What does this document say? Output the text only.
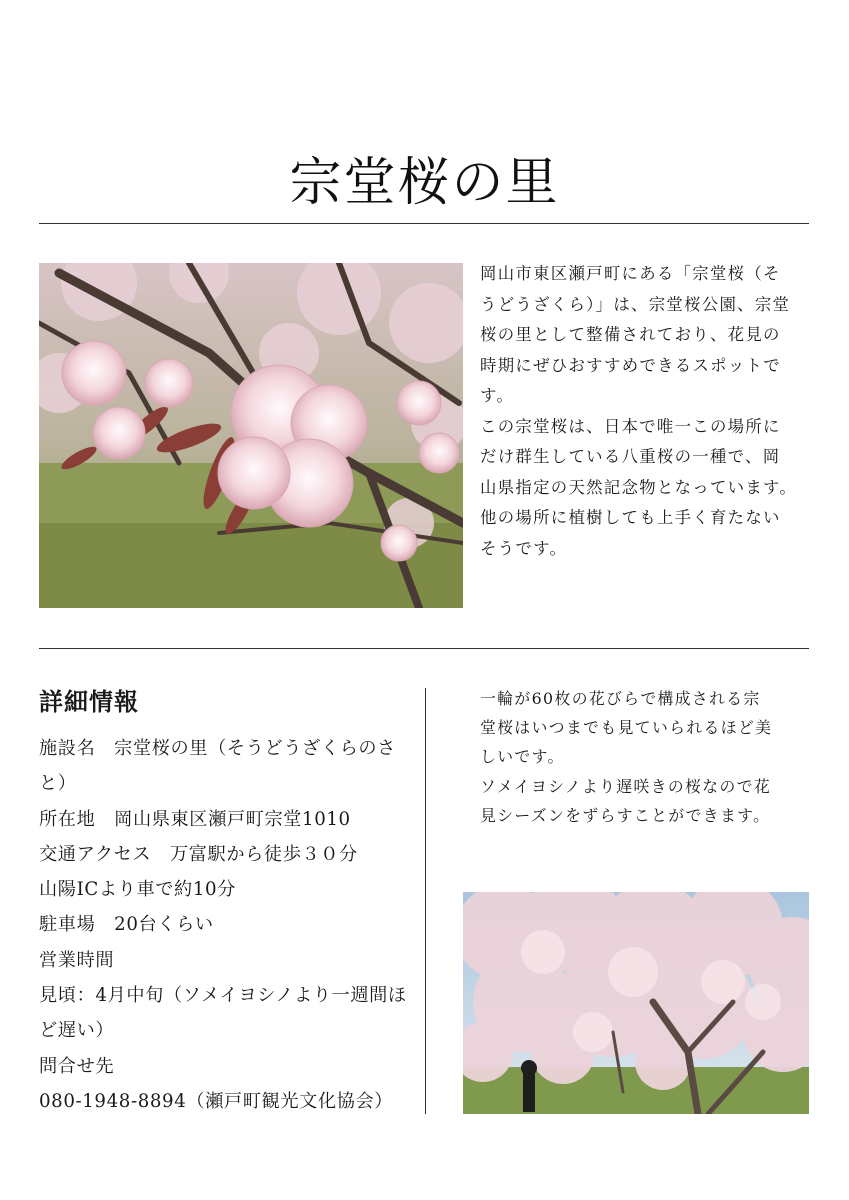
宗堂桜の里

岡山市東区瀬戸町にある「宗堂桜（そうどうざくら）」は、宗堂桜公園、宗堂桜の里として整備されており、花見の時期にぜひおすすめできるスポットです。

この宗堂桜は、日本で唯一この場所にだけ群生している八重桜の一種で、岡山県指定の天然記念物となっています。他の場所に植樹しても上手く育たないそうです。

詳細情報

施設名　宗堂桜の里（そうどうざくらのさと）

所在地　岡山県東区瀬戸町宗堂1010

交通アクセス　万富駅から徒歩３０分

山陽ICより車で約10分

駐車場　20台くらい

営業時間

見頃：4月中旬（ソメイヨシノより一週間ほど遅い）

問合せ先

080-1948-8894（瀬戸町観光文化協会）

一輪が60枚の花びらで構成される宗堂桜はいつまでも見ていられるほど美しいです。

ソメイヨシノより遅咲きの桜なので花見シーズンをずらすことができます。
